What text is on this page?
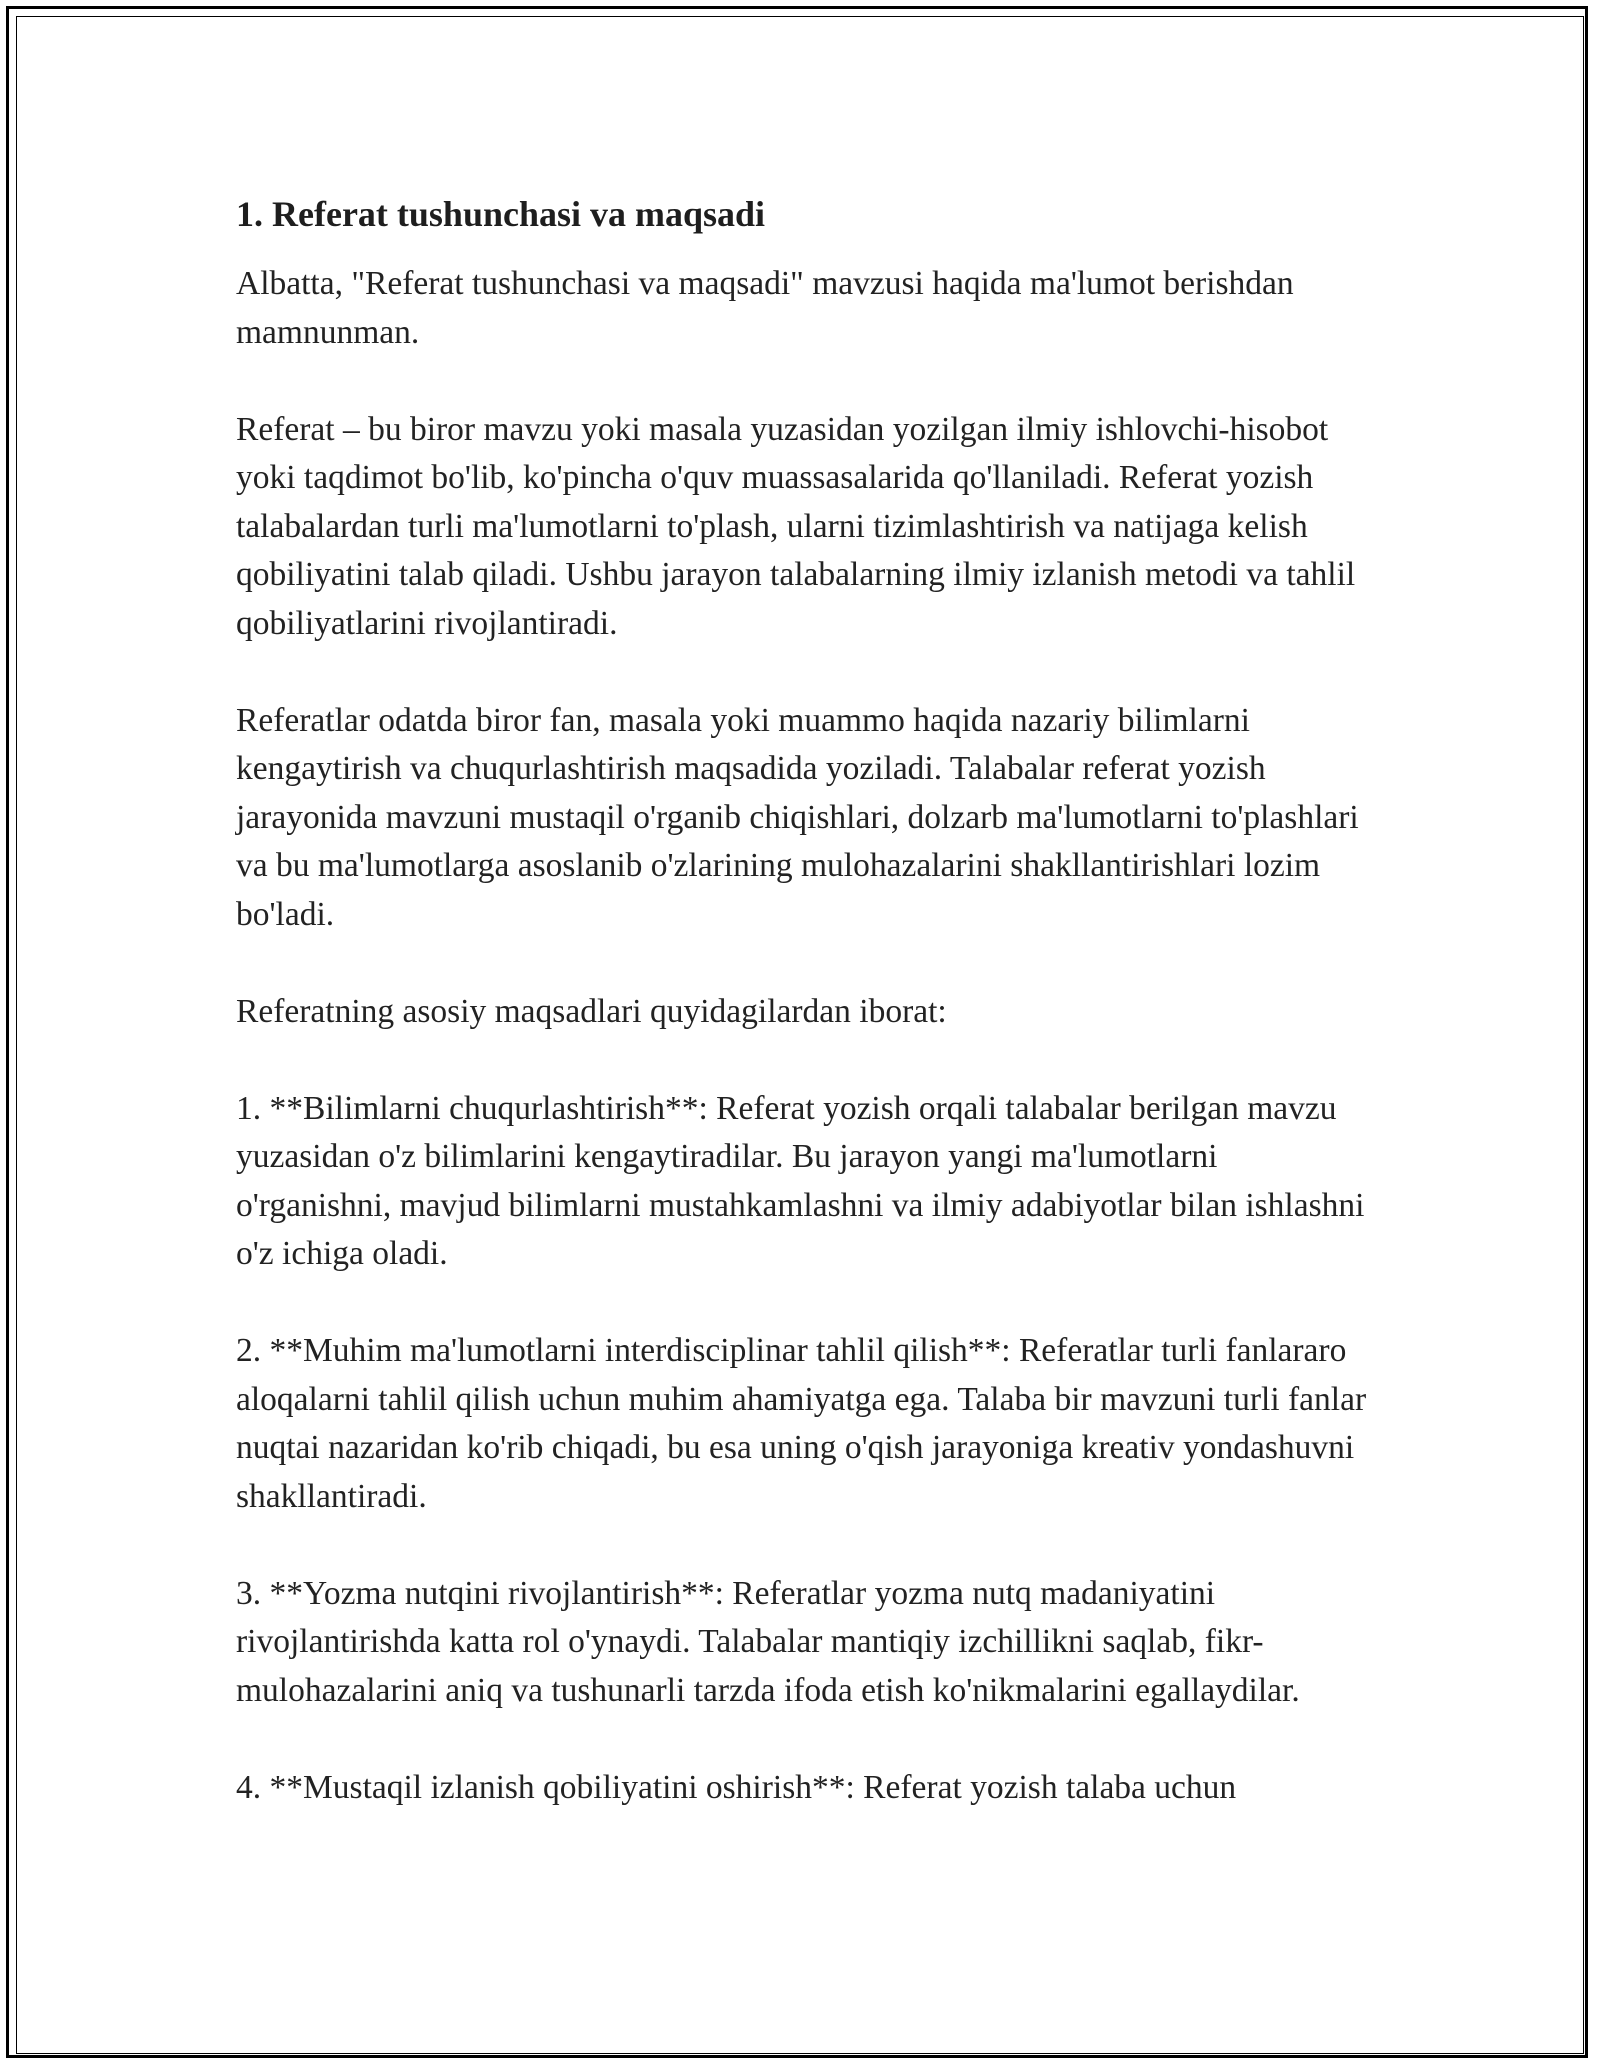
1. Referat tushunchasi va maqsadi

Albatta, "Referat tushunchasi va maqsadi" mavzusi haqida ma'lumot berishdan mamnunman.

Referat – bu biror mavzu yoki masala yuzasidan yozilgan ilmiy ishlovchi-hisobot yoki taqdimot bo'lib, ko'pincha o'quv muassasalarida qo'llaniladi. Referat yozish talabalardan turli ma'lumotlarni to'plash, ularni tizimlashtirish va natijaga kelish qobiliyatini talab qiladi. Ushbu jarayon talabalarning ilmiy izlanish metodi va tahlil qobiliyatlarini rivojlantiradi.

Referatlar odatda biror fan, masala yoki muammo haqida nazariy bilimlarni kengaytirish va chuqurlashtirish maqsadida yoziladi. Talabalar referat yozish jarayonida mavzuni mustaqil o'rganib chiqishlari, dolzarb ma'lumotlarni to'plashlari va bu ma'lumotlarga asoslanib o'zlarining mulohazalarini shakllantirishlari lozim bo'ladi.

Referatning asosiy maqsadlari quyidagilardan iborat:

1. **Bilimlarni chuqurlashtirish**: Referat yozish orqali talabalar berilgan mavzu yuzasidan o'z bilimlarini kengaytiradilar. Bu jarayon yangi ma'lumotlarni o'rganishni, mavjud bilimlarni mustahkamlashni va ilmiy adabiyotlar bilan ishlashni o'z ichiga oladi.

2. **Muhim ma'lumotlarni interdisciplinar tahlil qilish**: Referatlar turli fanlararo aloqalarni tahlil qilish uchun muhim ahamiyatga ega. Talaba bir mavzuni turli fanlar nuqtai nazaridan ko'rib chiqadi, bu esa uning o'qish jarayoniga kreativ yondashuvni shakllantiradi.

3. **Yozma nutqini rivojlantirish**: Referatlar yozma nutq madaniyatini rivojlantirishda katta rol o'ynaydi. Talabalar mantiqiy izchillikni saqlab, fikr-mulohazalarini aniq va tushunarli tarzda ifoda etish ko'nikmalarini egallaydilar.

4. **Mustaqil izlanish qobiliyatini oshirish**: Referat yozish talaba uchun
